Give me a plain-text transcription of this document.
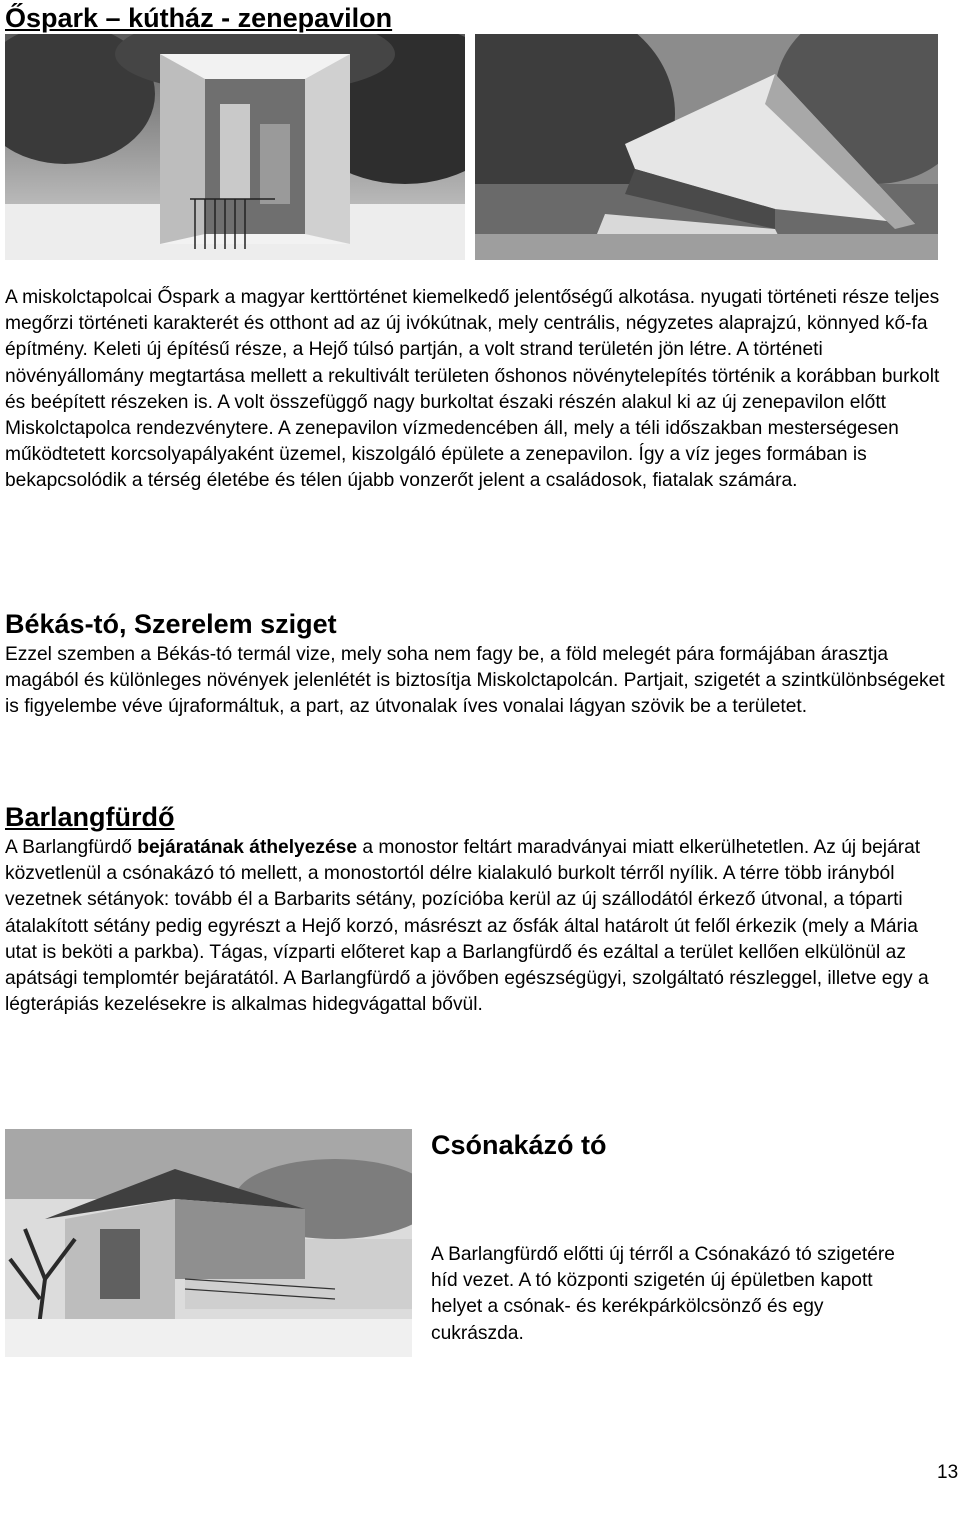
Őspark – kútház - zenepavilon

A miskolctapolcai Őspark a magyar kerttörténet kiemelkedő jelentőségű alkotása. nyugati történeti része teljes megőrzi történeti karakterét és otthont ad az új ivókútnak, mely centrális, négyzetes alaprajzú, könnyed kő-fa építmény. Keleti új építésű része, a Hejő túlsó partján, a volt strand területén jön létre. A történeti növényállomány megtartása mellett a rekultivált területen őshonos növénytelepítés történik a korábban burkolt és beépített részeken is. A volt összefüggő nagy burkoltat északi részén alakul ki az új zenepavilon előtt Miskolctapolca rendezvénytere. A zenepavilon vízmedencében áll, mely a téli időszakban mesterségesen működtetett korcsolyapályaként üzemel, kiszolgáló épülete a zenepavilon. Így a víz jeges formában is bekapcsolódik a térség életébe és télen újabb vonzerőt jelent a családosok, fiatalak számára.

Békás-tó, Szerelem sziget

Ezzel szemben a Békás-tó termál vize, mely soha nem fagy be, a föld melegét pára formájában árasztja magából és különleges növények jelenlétét is biztosítja Miskolctapolcán. Partjait, szigetét a szintkülönbségeket is figyelembe véve újraformáltuk, a part, az útvonalak íves vonalai lágyan szövik be a területet.

Barlangfürdő

A Barlangfürdő bejáratának áthelyezése a monostor feltárt maradványai miatt elkerülhetetlen. Az új bejárat közvetlenül a csónakázó tó mellett, a monostortól délre kialakuló burkolt térről nyílik. A térre több irányból vezetnek sétányok: tovább él a Barbarits sétány, pozícióba kerül az új szállodától érkező útvonal, a tóparti átalakított sétány pedig egyrészt a Hejő korzó, másrészt az ősfák által határolt út felől érkezik (mely a Mária utat is beköti a parkba). Tágas, vízparti előteret kap a Barlangfürdő és ezáltal a terület kellően elkülönül az apátsági templomtér bejáratától. A Barlangfürdő a jövőben egészségügyi, szolgáltató részleggel, illetve egy a légterápiás kezelésekre is alkalmas hidegvágattal bővül.

Csónakázó tó

A Barlangfürdő előtti új térről a Csónakázó tó szigetére híd vezet. A tó központi szigetén új épületben kapott helyet a csónak- és kerékpárkölcsönző és egy cukrászda.

13
